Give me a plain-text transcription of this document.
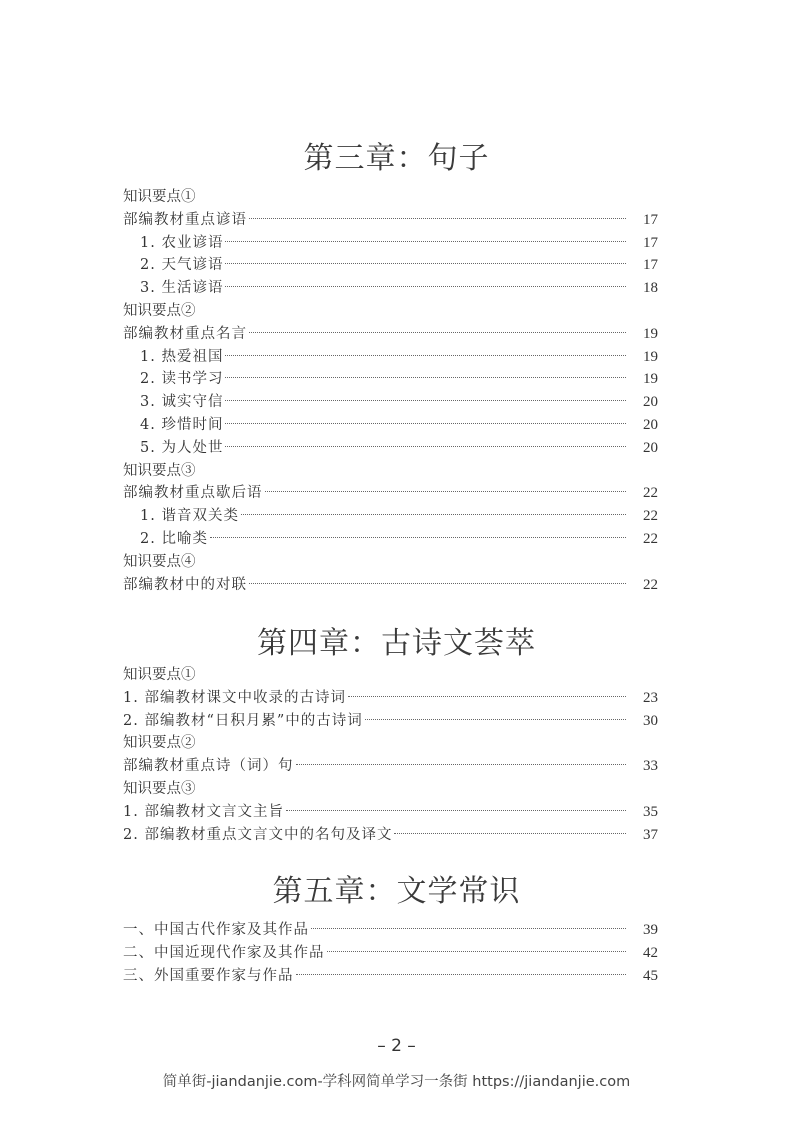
第三章：句子
知识要点①
部编教材重点谚语	17
1. 农业谚语	17
2. 天气谚语	17
3. 生活谚语	18
知识要点②
部编教材重点名言	19
1. 热爱祖国	19
2. 读书学习	19
3. 诚实守信	20
4. 珍惜时间	20
5. 为人处世	20
知识要点③
部编教材重点歇后语	22
1. 谐音双关类	22
2. 比喻类	22
知识要点④
部编教材中的对联	22
第四章：古诗文荟萃
知识要点①
1. 部编教材课文中收录的古诗词	23
2. 部编教材“日积月累”中的古诗词	30
知识要点②
部编教材重点诗（词）句	33
知识要点③
1. 部编教材文言文主旨	35
2. 部编教材重点文言文中的名句及译文	37
第五章：文学常识
一、中国古代作家及其作品	39
二、中国近现代作家及其作品	42
三、外国重要作家与作品	45
– 2 –
简单街-jiandanjie.com-学科网简单学习一条街 https://jiandanjie.com
